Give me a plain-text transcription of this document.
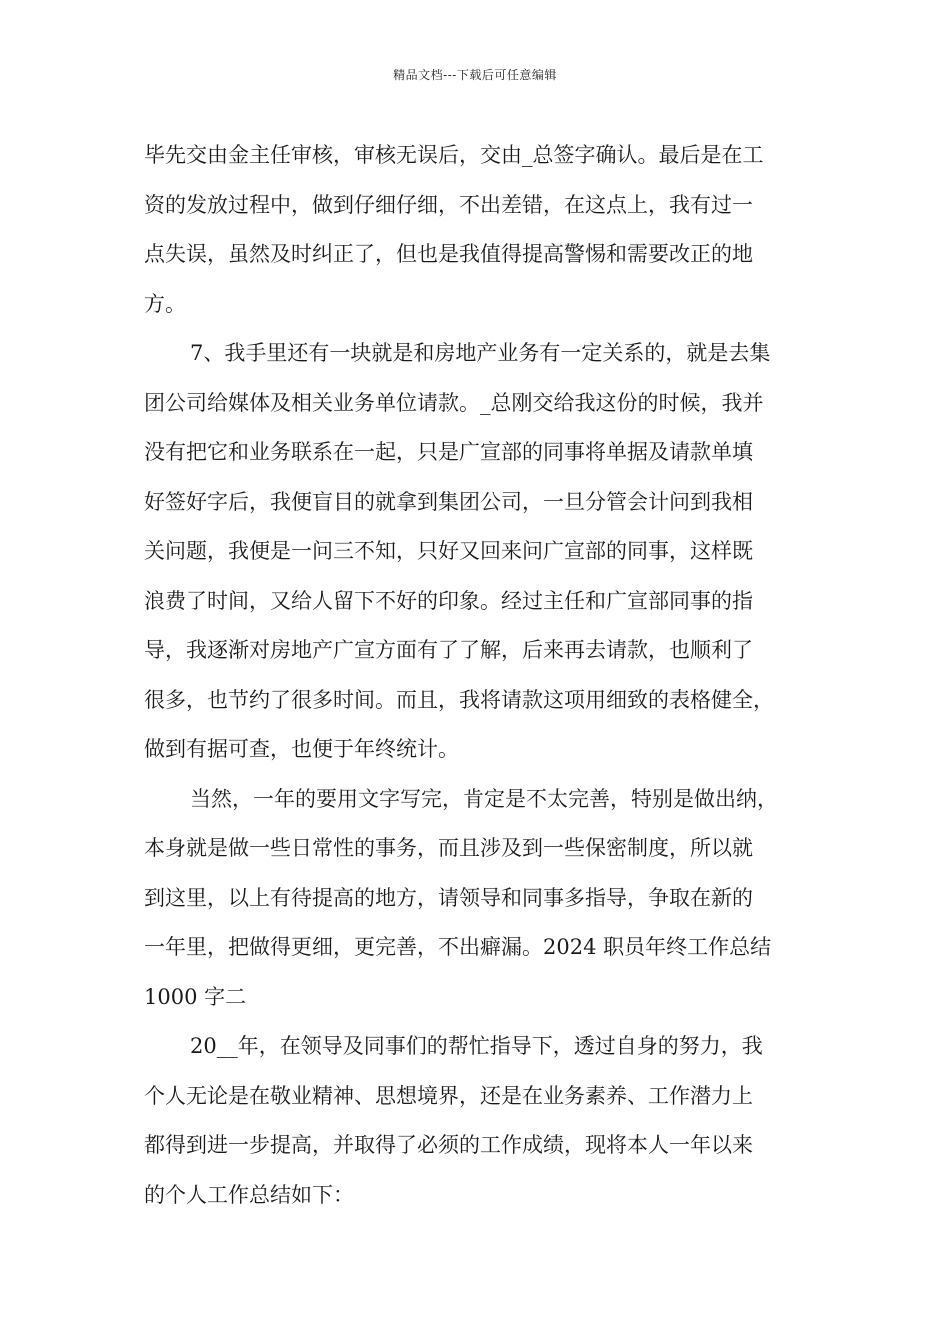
精品文档---下载后可任意编辑
毕先交由金主任审核，审核无误后，交由_总签字确认。最后是在工
资的发放过程中，做到仔细仔细，不出差错，在这点上，我有过一
点失误，虽然及时纠正了，但也是我值得提高警惕和需要改正的地
方。
7、我手里还有一块就是和房地产业务有一定关系的，就是去集
团公司给媒体及相关业务单位请款。_总刚交给我这份的时候，我并
没有把它和业务联系在一起，只是广宣部的同事将单据及请款单填
好签好字后，我便盲目的就拿到集团公司，一旦分管会计问到我相
关问题，我便是一问三不知，只好又回来问广宣部的同事，这样既
浪费了时间，又给人留下不好的印象。经过主任和广宣部同事的指
导，我逐渐对房地产广宣方面有了了解，后来再去请款，也顺利了
很多，也节约了很多时间。而且，我将请款这项用细致的表格健全，
做到有据可查，也便于年终统计。
当然，一年的要用文字写完，肯定是不太完善，特别是做出纳，
本身就是做一些日常性的事务，而且涉及到一些保密制度，所以就
到这里，以上有待提高的地方，请领导和同事多指导，争取在新的
一年里，把做得更细，更完善，不出癖漏。2024 职员年终工作总结
1000 字二
20__年，在领导及同事们的帮忙指导下，透过自身的努力，我
个人无论是在敬业精神、思想境界，还是在业务素养、工作潜力上
都得到进一步提高，并取得了必须的工作成绩，现将本人一年以来
的个人工作总结如下：
